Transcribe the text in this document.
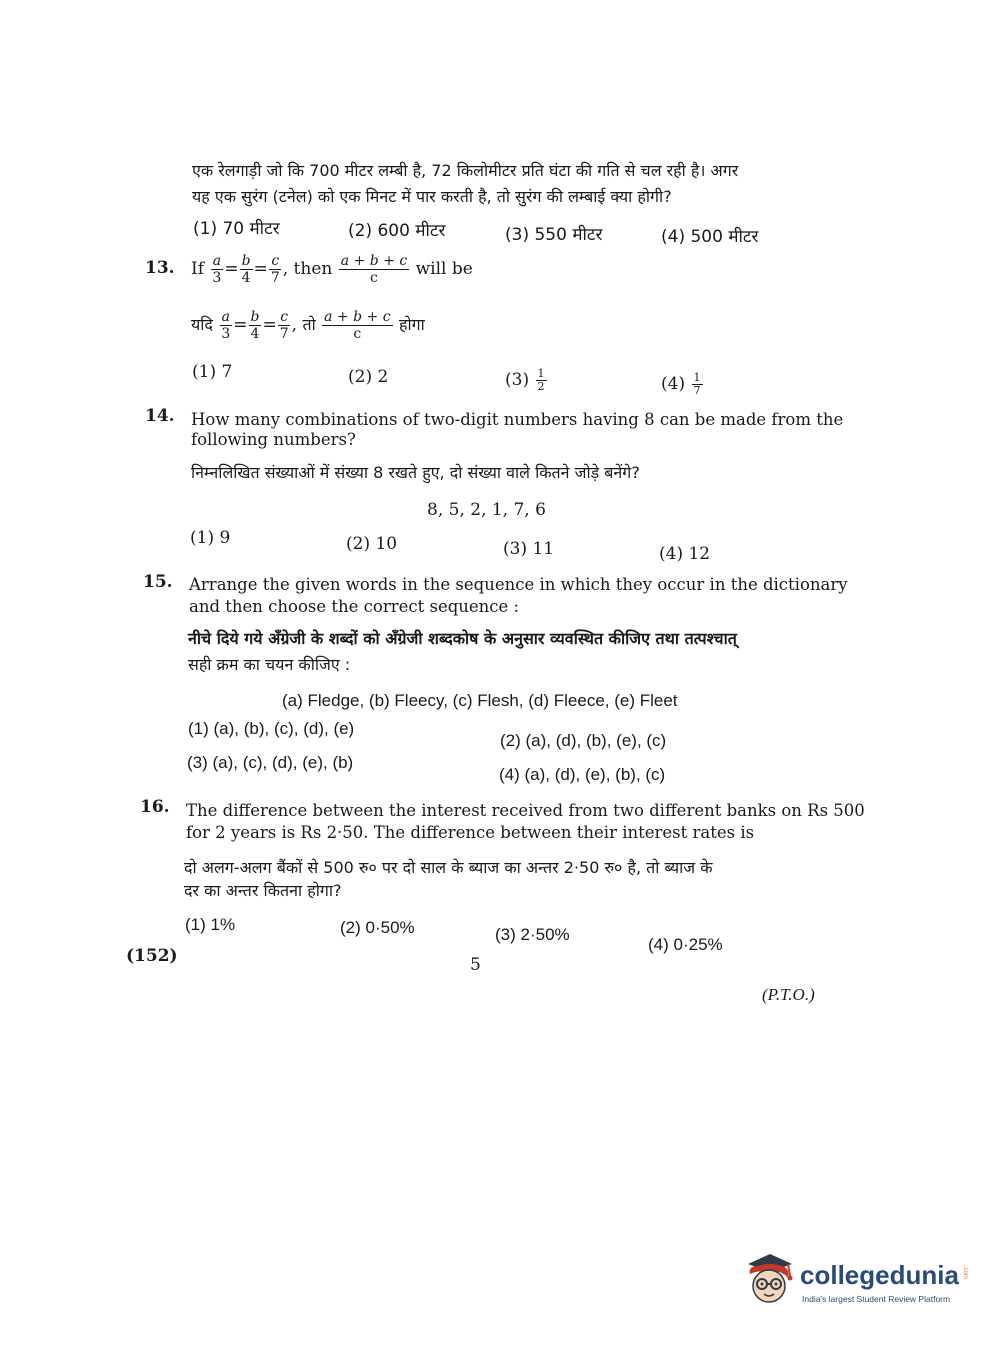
एक रेलगाड़ी जो कि 700 मीटर लम्बी है, 72 किलोमीटर प्रति घंटा की गति से चल रही है। अगर
यह एक सुरंग (टनेल) को एक मिनट में पार करती है, तो सुरंग की लम्बाई क्या होगी?
(1) 70 मीटर	(2) 600 मीटर	(3) 550 मीटर	(4) 500 मीटर
13. If $\frac{a}{3} = \frac{b}{4} = \frac{c}{7}$ , then $\frac{a + b + c}{c}$ will be
यदि $\frac{a}{3} = \frac{b}{4} = \frac{c}{7}$ , तो $\frac{a + b + c}{c}$ होगा
(1) 7	(2) 2	$(3) \frac{1}{2}$	$(4) \frac{1}{7}$
14. How many combinations of two-digit numbers having 8 can be made from the
following numbers?
निम्नलिखित संख्याओं में संख्या 8 रखते हुए, दो संख्या वाले कितने जोड़े बनेंगे?
8, 5, 2, 1, 7, 6
(1) 9	(2) 10	(3) 11	(4) 12
15. Arrange the given words in the sequence in which they occur in the dictionary
and then choose the correct sequence :
नीचे दिये गये अँग्रेजी के शब्दों को अँग्रेजी शब्दकोष के अनुसार व्यवस्थित कीजिए तथा तत्पश्चात्
सही क्रम का चयन कीजिए :
(a) Fledge, (b) Fleecy, (c) Flesh, (d) Fleece, (e) Fleet
(1) (a), (b), (c), (d), (e)
(2) (a), (d), (b), (e), (c)
(3) (a), (c), (d), (e), (b)
(4) (a), (d), (e), (b), (c)
16. The difference between the interest received from two different banks on Rs 500
for 2 years is Rs 2·50. The difference between their interest rates is
दो अलग-अलग बैंकों से 500 रु० पर दो साल के ब्याज का अन्तर 2·50 रु० है, तो ब्याज के
दर का अन्तर कितना होगा?
(1) 1%	(2) 0·50%	(3) 2·50%
(4) 0·25%
(152)	5
(P.T.O.)
collegedunia .com
India's largest Student Review Platform
